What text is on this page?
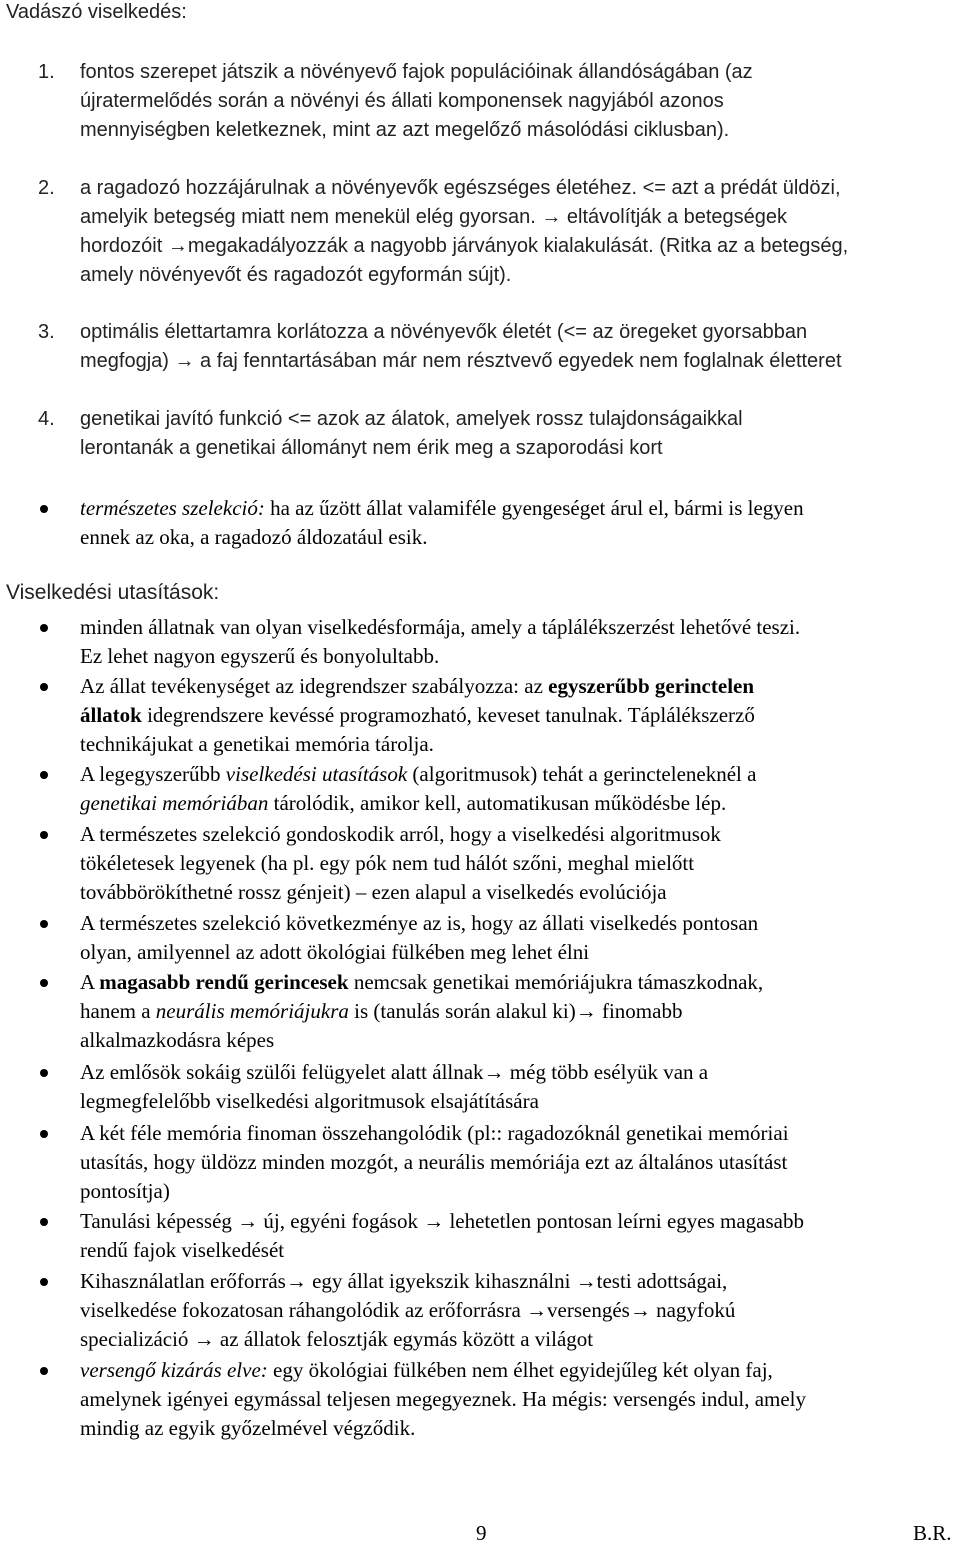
Vadászó viselkedés:
1. fontos szerepet játszik a növényevő fajok populációinak állandóságában (az
újratermelődés során a növényi és állati komponensek nagyjából azonos
mennyiségben keletkeznek, mint az azt megelőző másolódási ciklusban).
2. a ragadozó hozzájárulnak a növényevők egészséges életéhez. <= azt a prédát üldözi,
amelyik betegség miatt nem menekül elég gyorsan. → eltávolítják a betegségek
hordozóit →megakadályozzák a nagyobb járványok kialakulását. (Ritka az a betegség,
amely növényevőt és ragadozót egyformán sújt).
3. optimális élettartamra korlátozza a növényevők életét (<= az öregeket gyorsabban
megfogja) → a faj fenntartásában már nem résztvevő egyedek nem foglalnak életteret
4. genetikai javító funkció <= azok az álatok, amelyek rossz tulajdonságaikkal
lerontanák a genetikai állományt nem érik meg a szaporodási kort
természetes szelekció: ha az űzött állat valamiféle gyengeséget árul el, bármi is legyen
ennek az oka, a ragadozó áldozatául esik.
Viselkedési utasítások:
minden állatnak van olyan viselkedésformája, amely a táplálékszerzést lehetővé teszi.
Ez lehet nagyon egyszerű és bonyolultabb.
Az állat tevékenységet az idegrendszer szabályozza: az egyszerűbb gerinctelen
állatok idegrendszere kevéssé programozható, keveset tanulnak. Táplálékszerző
technikájukat a genetikai memória tárolja.
A legegyszerűbb viselkedési utasítások (algoritmusok) tehát a gerincteleneknél a
genetikai memóriában tárolódik, amikor kell, automatikusan működésbe lép.
A természetes szelekció gondoskodik arról, hogy a viselkedési algoritmusok
tökéletesek legyenek (ha pl. egy pók nem tud hálót szőni, meghal mielőtt
továbbörökíthetné rossz génjeit) – ezen alapul a viselkedés evolúciója
A természetes szelekció következménye az is, hogy az állati viselkedés pontosan
olyan, amilyennel az adott ökológiai fülkében meg lehet élni
A magasabb rendű gerincesek nemcsak genetikai memóriájukra támaszkodnak,
hanem a neurális memóriájukra is (tanulás során alakul ki)→ finomabb
alkalmazkodásra képes
Az emlősök sokáig szülői felügyelet alatt állnak→ még több esélyük van a
legmegfelelőbb viselkedési algoritmusok elsajátítására
A két féle memória finoman összehangolódik (pl:: ragadozóknál genetikai memóriai
utasítás, hogy üldözz minden mozgót, a neurális memóriája ezt az általános utasítást
pontosítja)
Tanulási képesség → új, egyéni fogások → lehetetlen pontosan leírni egyes magasabb
rendű fajok viselkedését
Kihasználatlan erőforrás→ egy állat igyekszik kihasználni →testi adottságai,
viselkedése fokozatosan ráhangolódik az erőforrásra →versengés→ nagyfokú
specializáció → az állatok felosztják egymás között a világot
versengő kizárás elve: egy ökológiai fülkében nem élhet egyidejűleg két olyan faj,
amelynek igényei egymással teljesen megegyeznek. Ha mégis: versengés indul, amely
mindig az egyik győzelmével végződik.
9	B.R.
